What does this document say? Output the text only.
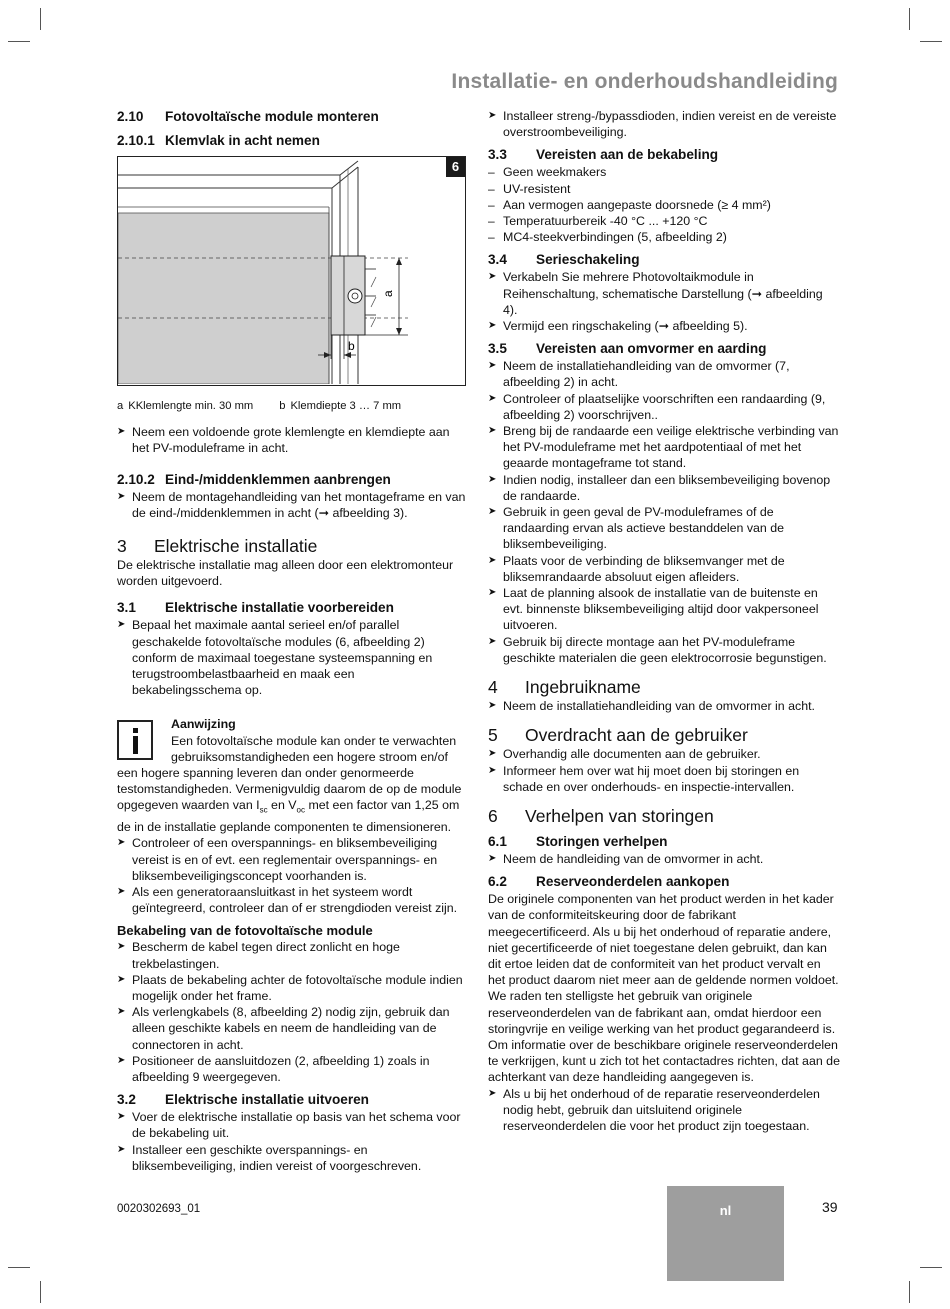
Installatie- en onderhoudshandleiding
2.10 Fotovoltaïsche module monteren
2.10.1 Klemvlak in acht nemen
6
a
b
a KKlemlengte min. 30 mm b Klemdiepte 3 … 7 mm
➤ Neem een voldoende grote klemlengte en klemdiepte aan het PV-moduleframe in acht.
2.10.2 Eind-/middenklemmen aanbrengen
➤ Neem de montagehandleiding van het montageframe en van de eind-/middenklemmen in acht (➞ afbeelding 3).
3 Elektrische installatie

De elektrische installatie mag alleen door een elektromonteur worden uitgevoerd.

3.1 Elektrische installatie voorbereiden
➤ Bepaal het maximale aantal serieel en/of parallel geschakelde fotovoltaïsche modules (6, afbeelding 2) conform de maximaal toegestane systeemspanning en terugstroombelastbaarheid en maak een bekabelingsschema op.
Aanwijzing
Een fotovoltaïsche module kan onder te verwachten gebruiksomstandigheden een hogere stroom en/of een hogere spanning leveren dan onder genormeerde testomstandigheden. Vermenigvuldig daarom de op de module opgegeven waarden van $I_{sc}$ en $V_{oc}$ met een factor van 1,25 om de in de installatie geplande componenten te dimensioneren.
➤ Controleer of een overspannings- en bliksembeveiliging vereist is en of evt. een reglementair overspannings- en bliksembeveiligingsconcept voorhanden is.
➤ Als een generatoraansluitkast in het systeem wordt geïntegreerd, controleer dan of er strengdioden vereist zijn.
Bekabeling van de fotovoltaïsche module
➤ Bescherm de kabel tegen direct zonlicht en hoge trekbelastingen.
➤ Plaats de bekabeling achter de fotovoltaïsche module indien mogelijk onder het frame.
➤ Als verlengkabels (8, afbeelding 2) nodig zijn, gebruik dan alleen geschikte kabels en neem de handleiding van de connectoren in acht.
➤ Positioneer de aansluitdozen (2, afbeelding 1) zoals in afbeelding 9 weergegeven.
3.2 Elektrische installatie uitvoeren
➤ Voer de elektrische installatie op basis van het schema voor de bekabeling uit.
➤ Installeer een geschikte overspannings- en bliksembeveiliging, indien vereist of voorgeschreven.
➤ Installeer streng-/bypassdioden, indien vereist en de vereiste overstroombeveiliging.
3.3 Vereisten aan de bekabeling
– Geen weekmakers
– UV-resistent
– Aan vermogen aangepaste doorsnede (≥ 4 mm²)
– Temperatuurbereik -40 °C ... +120 °C
– MC4-steekverbindingen (5, afbeelding 2)
3.4 Serieschakeling
➤ Verkabeln Sie mehrere Photovoltaikmodule in Reihenschaltung, schematische Darstellung (➞ afbeelding 4).
➤ Vermijd een ringschakeling (➞ afbeelding 5).
3.5 Vereisten aan omvormer en aarding
➤ Neem de installatiehandleiding van de omvormer (7, afbeelding 2) in acht.
➤ Controleer of plaatselijke voorschriften een randaarding (9, afbeelding 2) voorschrijven..
➤ Breng bij de randaarde een veilige elektrische verbinding van het PV-moduleframe met het aardpotentiaal of met het geaarde montageframe tot stand.
➤ Indien nodig, installeer dan een bliksembeveiliging bovenop de randaarde.
➤ Gebruik in geen geval de PV-moduleframes of de randaarding ervan als actieve bestanddelen van de bliksembeveiliging.
➤ Plaats voor de verbinding de bliksemvanger met de bliksemrandaarde absoluut eigen afleiders.
➤ Laat de planning alsook de installatie van de buitenste en evt. binnenste bliksembeveiliging altijd door vakpersoneel uitvoeren.
➤ Gebruik bij directe montage aan het PV-moduleframe geschikte materialen die geen elektrocorrosie begunstigen.
4 Ingebruikname
➤ Neem de installatiehandleiding van de omvormer in acht.
5 Overdracht aan de gebruiker
➤ Overhandig alle documenten aan de gebruiker.
➤ Informeer hem over wat hij moet doen bij storingen en schade en over onderhouds- en inspectie-intervallen.
6 Verhelpen van storingen
6.1 Storingen verhelpen
➤ Neem de handleiding van de omvormer in acht.
6.2 Reserveonderdelen aankopen

De originele componenten van het product werden in het kader van de conformiteitskeuring door de fabrikant meegecertificeerd. Als u bij het onderhoud of reparatie andere, niet gecertificeerde of niet toegestane delen gebruikt, dan kan dit ertoe leiden dat de conformiteit van het product vervalt en het product daarom niet meer aan de geldende normen voldoet.

We raden ten stelligste het gebruik van originele reserveonderdelen van de fabrikant aan, omdat hierdoor een storingvrije en veilige werking van het product gegarandeerd is.

Om informatie over de beschikbare originele reserveonderdelen te verkrijgen, kunt u zich tot het contactadres richten, dat aan de achterkant van deze handleiding aangegeven is.

➤ Als u bij het onderhoud of de reparatie reserveonderdelen nodig hebt, gebruik dan uitsluitend originele reserveonderdelen die voor het product zijn toegestaan.
0020302693_01	nl	39
